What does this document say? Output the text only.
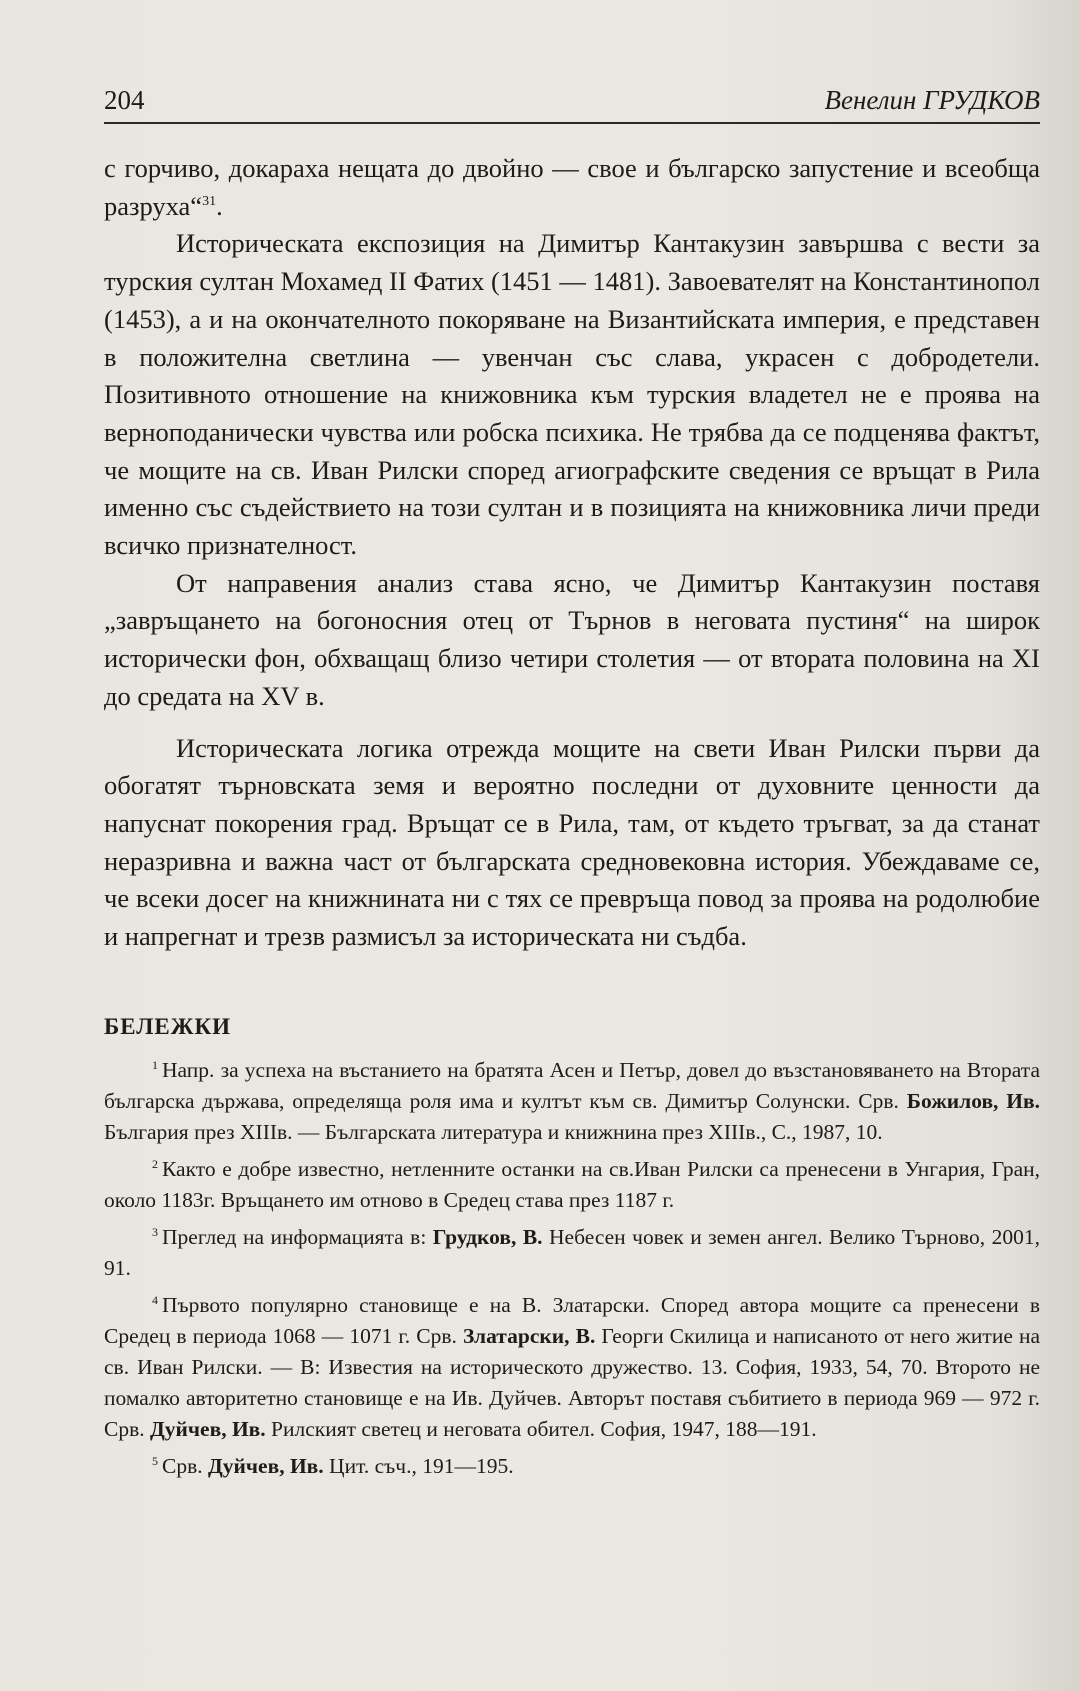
204	Венелин ГРУДКОВ

с горчиво, докараха нещата до двойно — свое и българско запустение и всеобща разруха“$^{31}$.

Историческата експозиция на Димитър Кантакузин завършва с вести за турския султан Мохамед II Фатих (1451 — 1481). Завоевателят на Константинопол (1453), а и на окончателното покоряване на Византийската империя, е представен в положителна светлина — увенчан със слава, украсен с добродетели. Позитивното отношение на книжовника към турския владетел не е проява на верноподанически чувства или робска психика. Не трябва да се подценява фактът, че мощите на св. Иван Рилски според агиографските сведения се връщат в Рила именно със съдействието на този султан и в позицията на книжовника личи преди всичко признателност.

От направения анализ става ясно, че Димитър Кантакузин поставя „завръщането на богоносния отец от Търнов в неговата пустиня“ на широк исторически фон, обхващащ близо четири столетия — от втората половина на XI до средата на XV в.

Историческата логика отрежда мощите на свети Иван Рилски първи да обогатят търновската земя и вероятно последни от духовните ценности да напуснат покорения град. Връщат се в Рила, там, от където тръгват, за да станат неразривна и важна част от българската средновековна история. Убеждаваме се, че всеки досег на книжнината ни с тях се превръща повод за проява на родолюбие и напрегнат и трезв размисъл за историческата ни съдба.

БЕЛЕЖКИ

$^1$ Напр. за успеха на въстанието на братята Асен и Петър, довел до възстановяването на Втората българска държава, определяща роля има и култът към св. Димитър Солунски. Срв. Божилов, Ив. България през XIIIв. — Българската литература и книжнина през XIIIв., С., 1987, 10.

$^2$ Както е добре известно, нетленните останки на св.Иван Рилски са пренесени в Унгария, Гран, около 1183г. Връщането им отново в Средец става през 1187 г.

$^3$ Преглед на информацията в: Грудков, В. Небесен човек и земен ангел. Велико Търново, 2001, 91.

$^4$ Първото популярно становище е на В. Златарски. Според автора мощите са пренесени в Средец в периода 1068 — 1071 г. Срв. Златарски, В. Георги Скилица и написаното от него житие на св. Иван Рилски. — В: Известия на историческото дружество. 13. София, 1933, 54, 70. Второто не помалко авторитетно становище е на Ив. Дуйчев. Авторът поставя събитието в периода 969 — 972 г. Срв. Дуйчев, Ив. Рилският светец и неговата обител. София, 1947, 188—191.

$^5$ Срв. Дуйчев, Ив. Цит. съч., 191—195.
